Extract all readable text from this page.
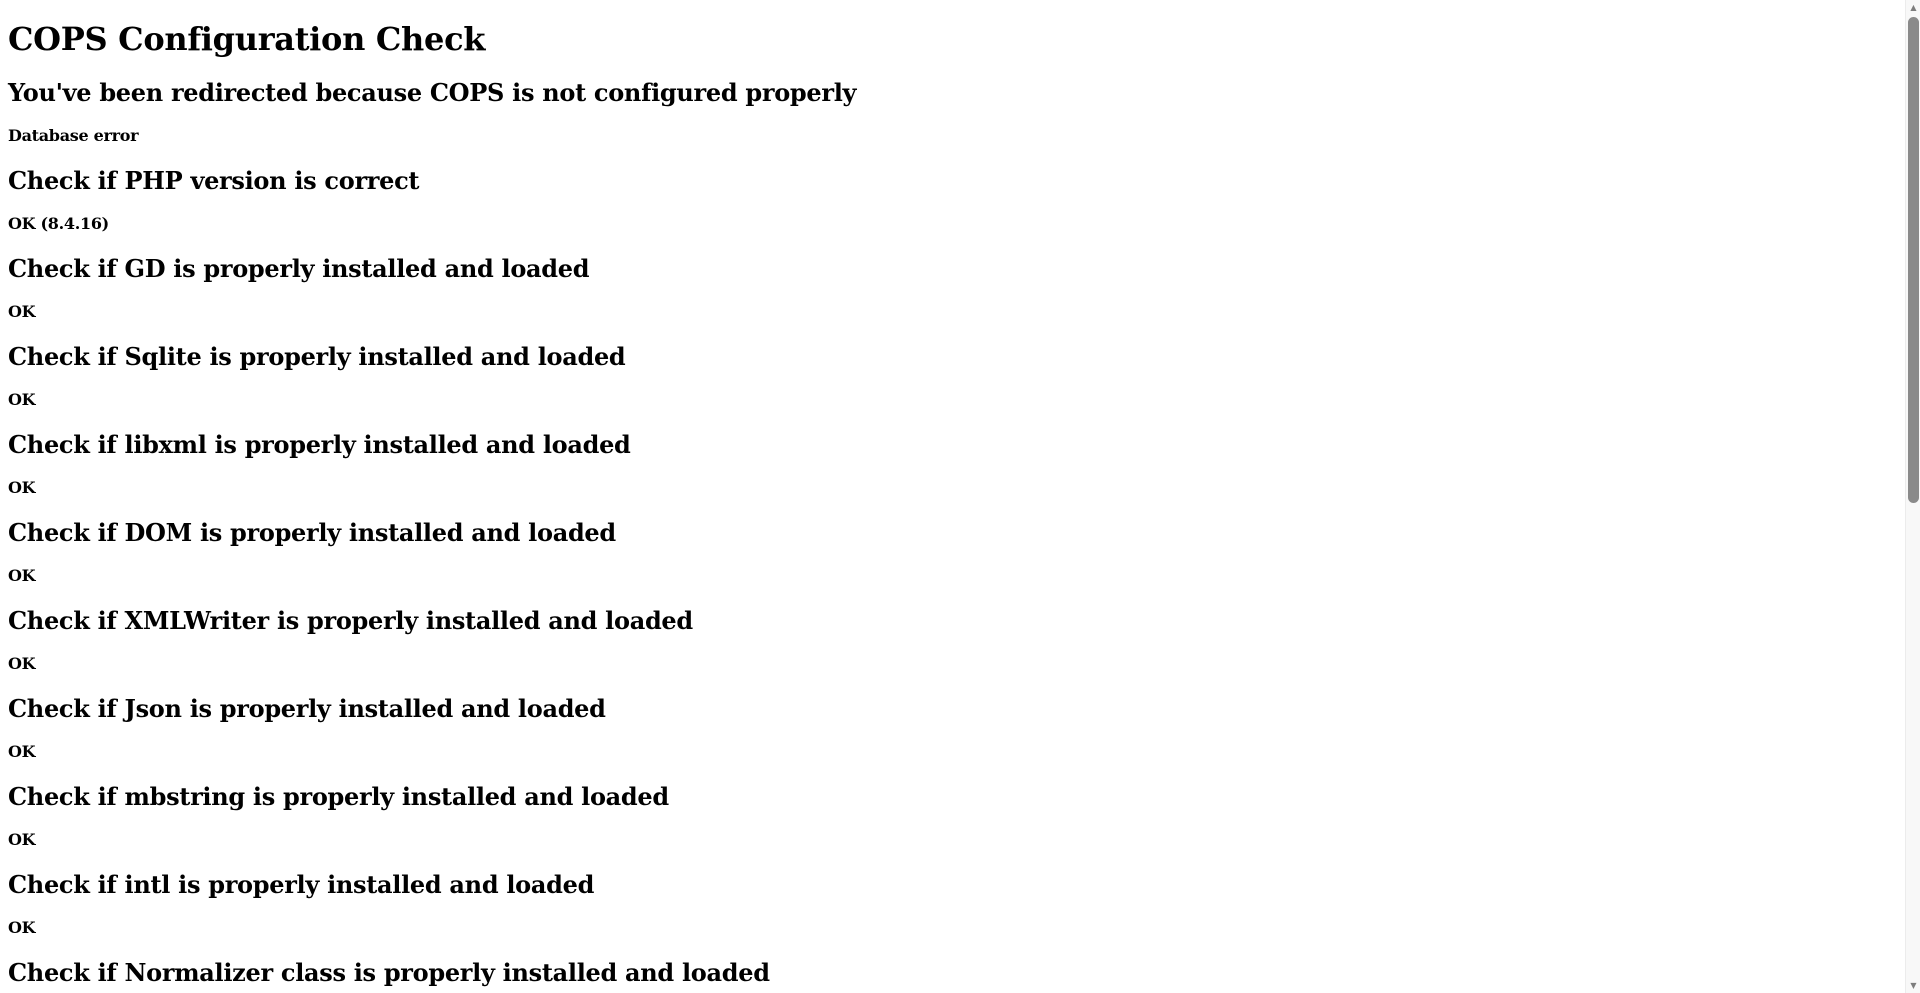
COPS Configuration Check
You've been redirected because COPS is not configured properly
Database error
Check if PHP version is correct
OK (8.4.16)
Check if GD is properly installed and loaded
OK
Check if Sqlite is properly installed and loaded
OK
Check if libxml is properly installed and loaded
OK
Check if DOM is properly installed and loaded
OK
Check if XMLWriter is properly installed and loaded
OK
Check if Json is properly installed and loaded
OK
Check if mbstring is properly installed and loaded
OK
Check if intl is properly installed and loaded
OK
Check if Normalizer class is properly installed and loaded
▲
▼
